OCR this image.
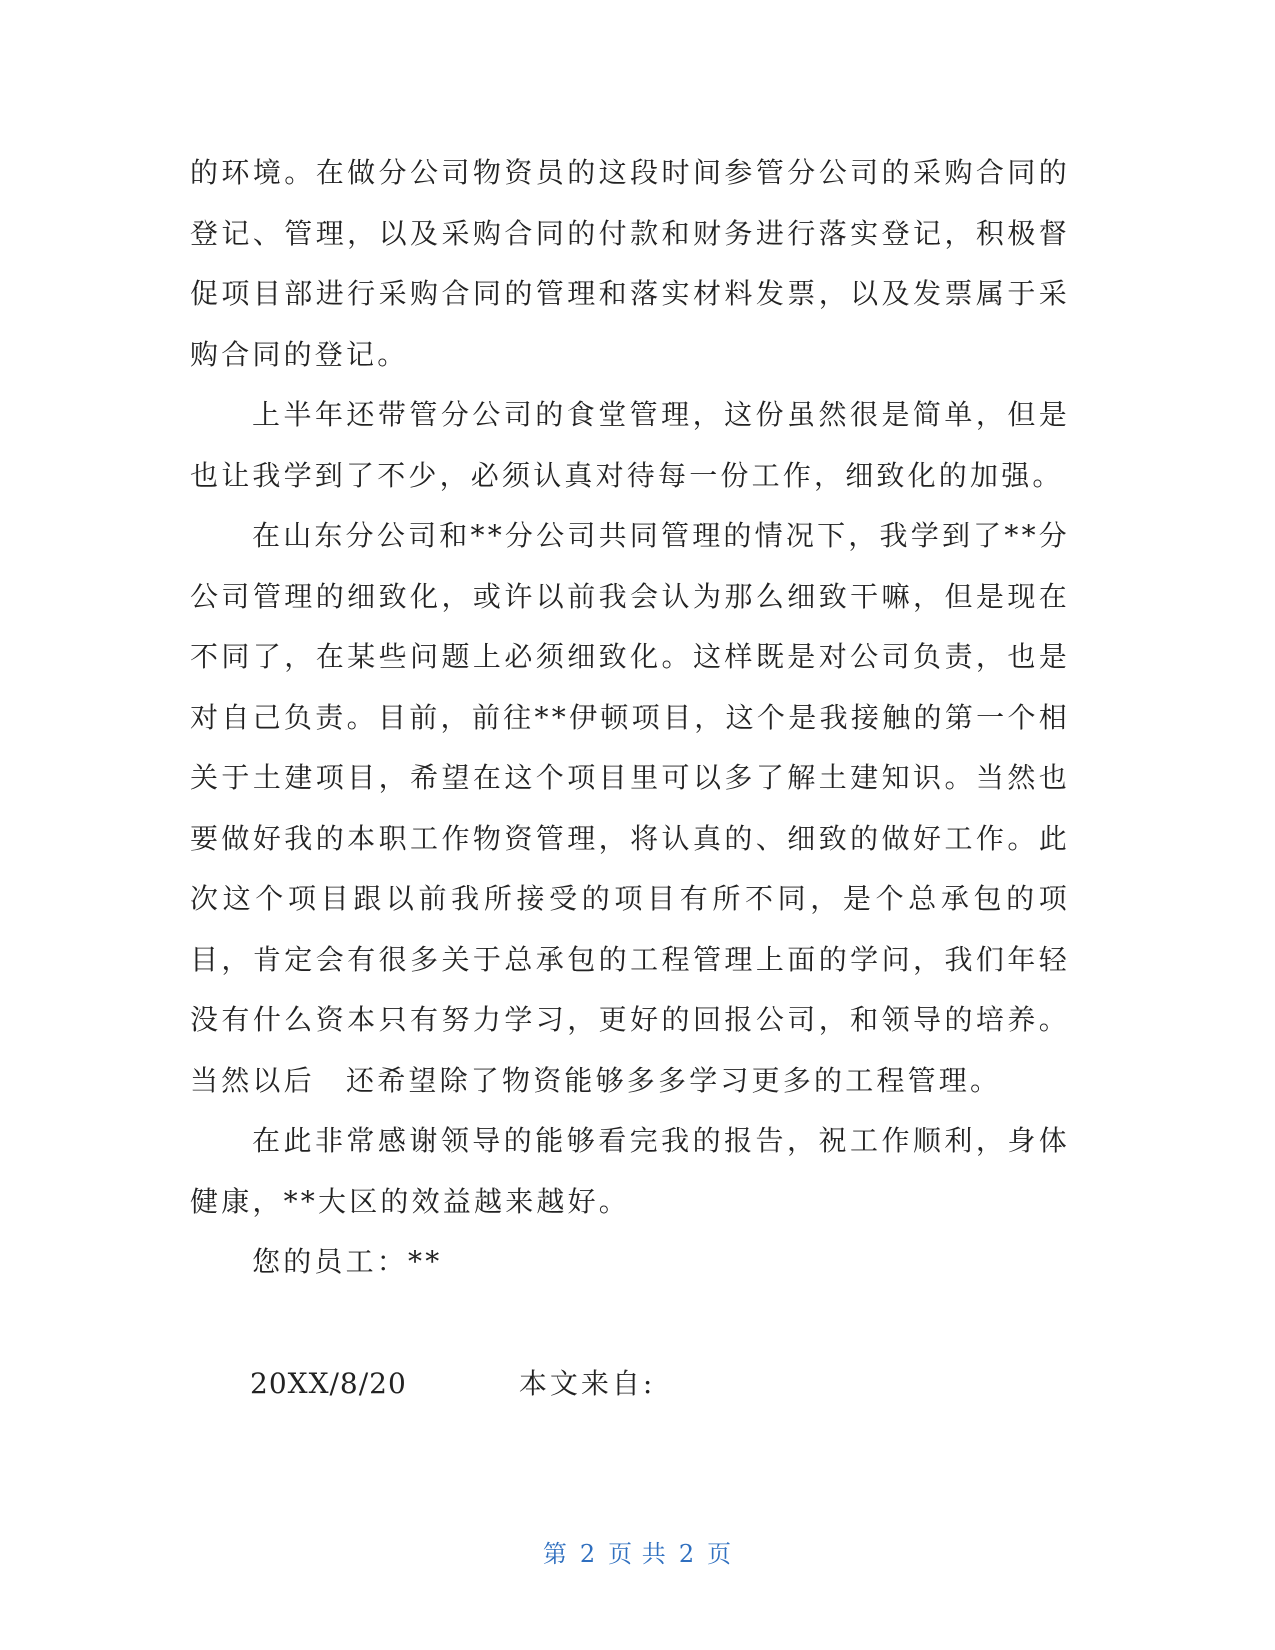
的环境。在做分公司物资员的这段时间参管分公司的采购合同的登记、管理，以及采购合同的付款和财务进行落实登记，积极督促项目部进行采购合同的管理和落实材料发票，以及发票属于采购合同的登记。

上半年还带管分公司的食堂管理，这份虽然很是简单，但是也让我学到了不少，必须认真对待每一份工作，细致化的加强。

在山东分公司和**分公司共同管理的情况下，我学到了**分公司管理的细致化，或许以前我会认为那么细致干嘛，但是现在不同了，在某些问题上必须细致化。这样既是对公司负责，也是对自己负责。目前，前往**伊顿项目，这个是我接触的第一个相关于土建项目，希望在这个项目里可以多了解土建知识。当然也要做好我的本职工作物资管理，将认真的、细致的做好工作。此次这个项目跟以前我所接受的项目有所不同，是个总承包的项目，肯定会有很多关于总承包的工程管理上面的学问，我们年轻没有什么资本只有努力学习，更好的回报公司，和领导的培养。当然以后　还希望除了物资能够多多学习更多的工程管理。

在此非常感谢领导的能够看完我的报告，祝工作顺利，身体健康，**大区的效益越来越好。

您的员工：**

20XX/8/20	本文来自:
第 2 页 共 2 页
